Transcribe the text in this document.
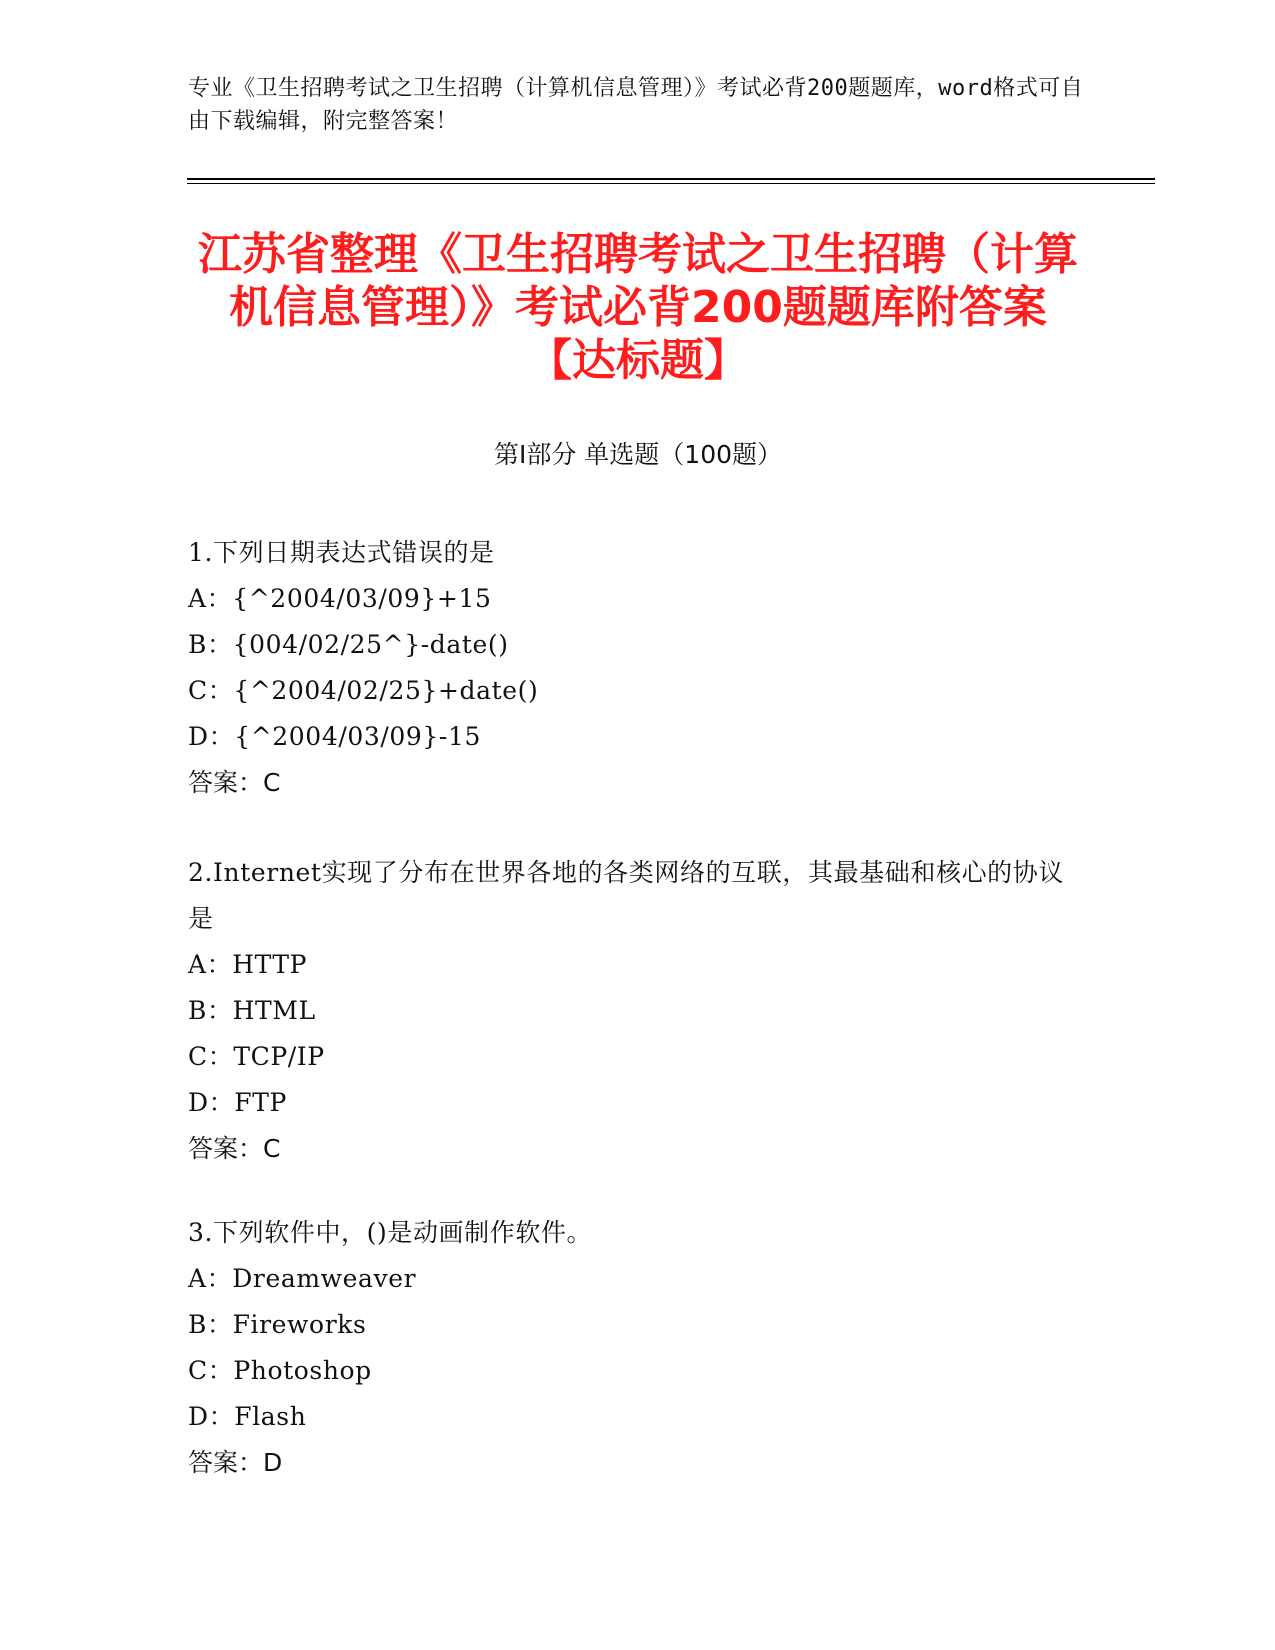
专业《卫生招聘考试之卫生招聘（计算机信息管理）》考试必背200题题库，word格式可自由下载编辑，附完整答案！
江苏省整理《卫生招聘考试之卫生招聘（计算机信息管理）》考试必背200题题库附答案【达标题】
第Ⅰ部分 单选题（100题）
1.下列日期表达式错误的是
A：{^2004/03/09}+15
B：{004/02/25^}-date()
C：{^2004/02/25}+date()
D：{^2004/03/09}-15
答案：C
2.Internet实现了分布在世界各地的各类网络的互联，其最基础和核心的协议是
A：HTTP
B：HTML
C：TCP/IP
D：FTP
答案：C
3.下列软件中，()是动画制作软件。
A：Dreamweaver
B：Fireworks
C：Photoshop
D：Flash
答案：D
